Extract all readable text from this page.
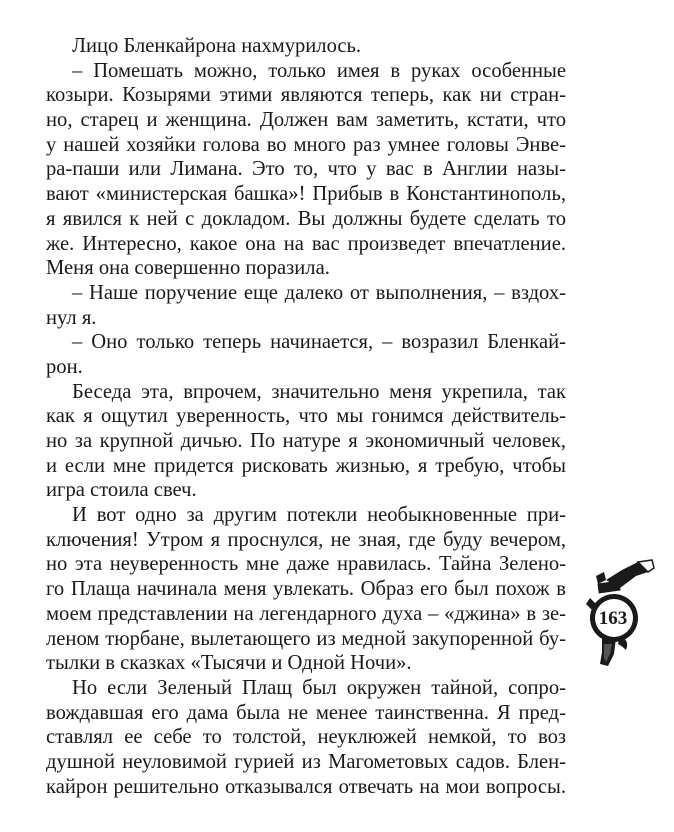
Лицо Бленкайрона нахмурилось.
– Помешать можно, только имея в руках особенные
козыри. Козырями этими являются теперь, как ни стран-
но, старец и женщина. Должен вам заметить, кстати, что
у нашей хозяйки голова во много раз умнее головы Энве-
ра-паши или Лимана. Это то, что у вас в Англии назы-
вают «министерская башка»! Прибыв в Константинополь,
я явился к ней с докладом. Вы должны будете сделать то
же. Интересно, какое она на вас произведет впечатление.
Меня она совершенно поразила.
– Наше поручение еще далеко от выполнения, – вздох-
нул я.
– Оно только теперь начинается, – возразил Бленкай-
рон.
Беседа эта, впрочем, значительно меня укрепила, так
как я ощутил уверенность, что мы гонимся действитель-
но за крупной дичью. По натуре я экономичный человек,
и если мне придется рисковать жизнью, я требую, чтобы
игра стоила свеч.
И вот одно за другим потекли необыкновенные при-
ключения! Утром я проснулся, не зная, где буду вечером,
но эта неуверенность мне даже нравилась. Тайна Зелено-
го Плаща начинала меня увлекать. Образ его был похож в
моем представлении на легендарного духа – «джина» в зе-
леном тюрбане, вылетающего из медной закупоренной бу-
тылки в сказках «Тысячи и Одной Ночи».
Но если Зеленый Плащ был окружен тайной, сопро-
вождавшая его дама была не менее таинственна. Я пред-
ставлял ее себе то толстой, неуклюжей немкой, то воз
душной неуловимой гурией из Магометовых садов. Блен-
кайрон решительно отказывался отвечать на мои вопросы.
163
